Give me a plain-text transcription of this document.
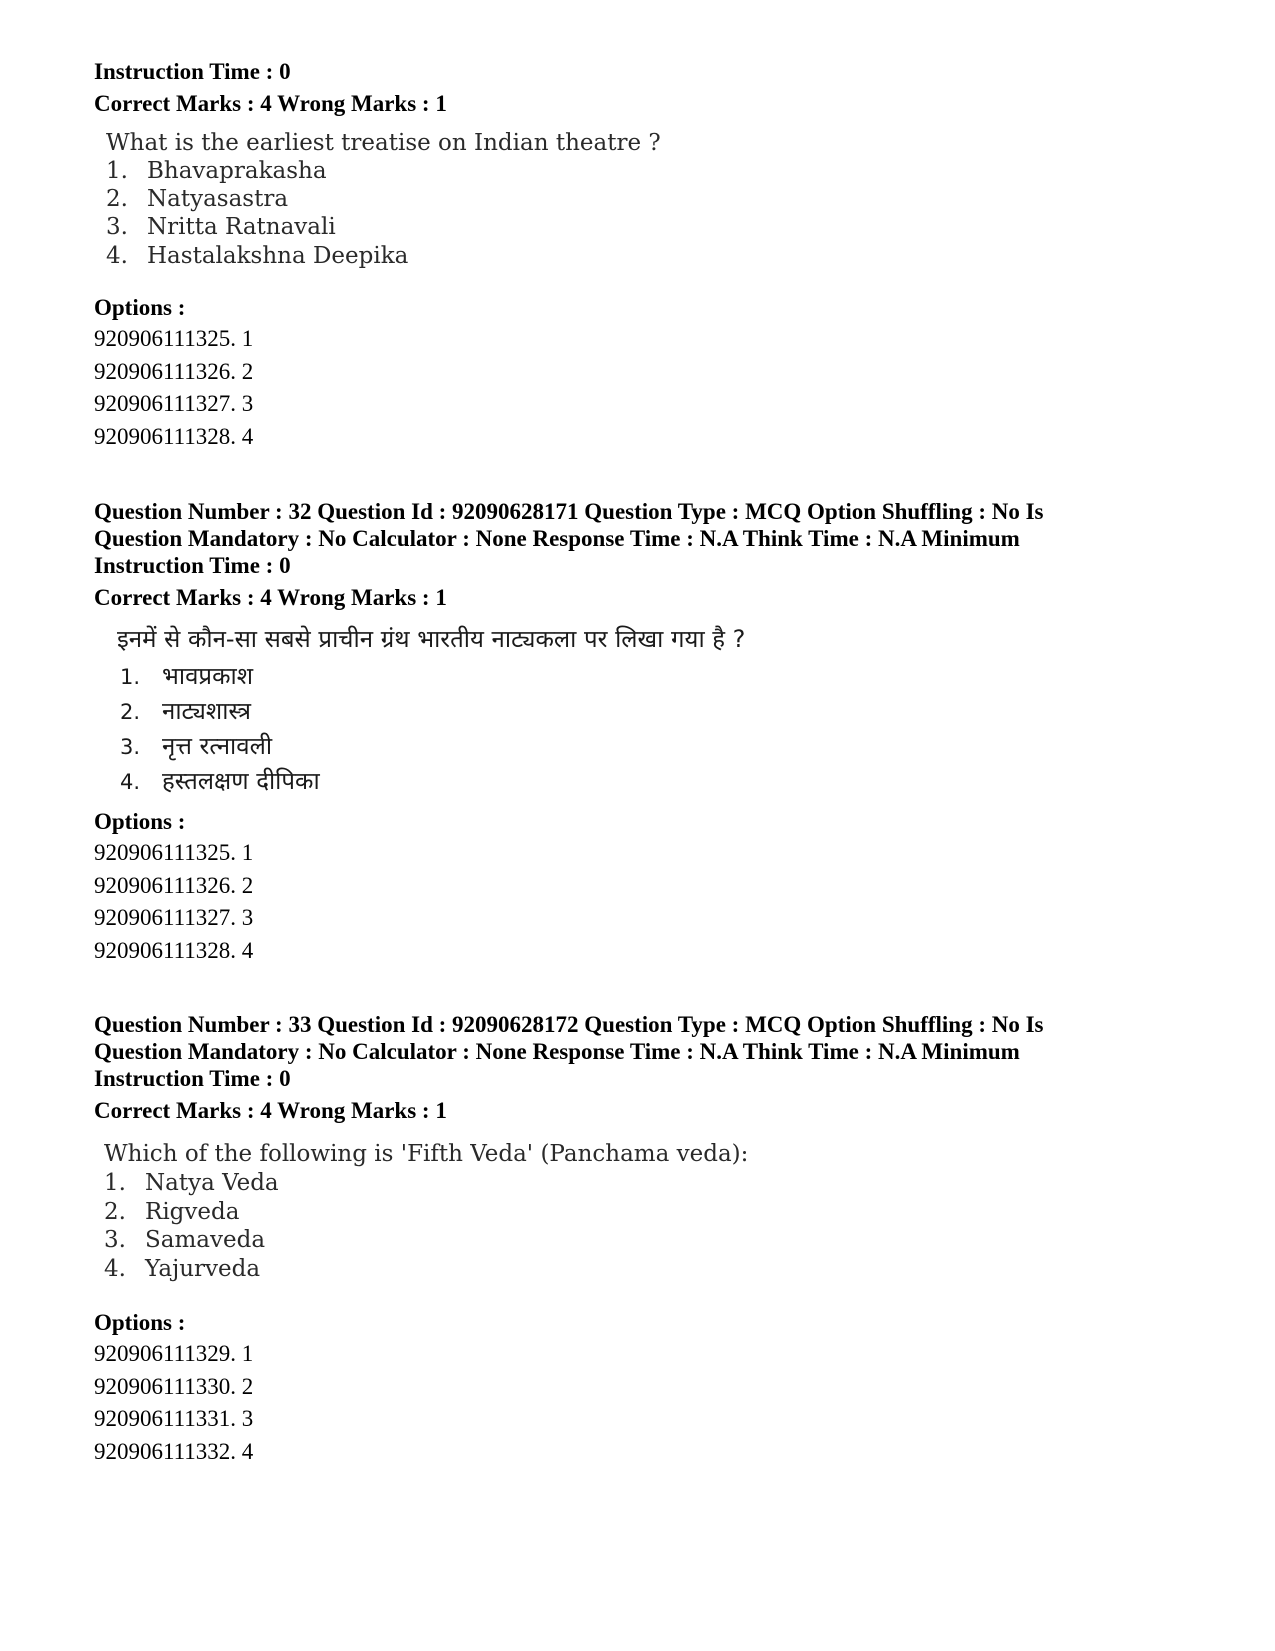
Instruction Time : 0
Correct Marks : 4 Wrong Marks : 1
What is the earliest treatise on Indian theatre ?
1. Bhavaprakasha
2. Natyasastra
3. Nritta Ratnavali
4. Hastalakshna Deepika
Options :
920906111325. 1
920906111326. 2
920906111327. 3
920906111328. 4
Question Number : 32 Question Id : 92090628171 Question Type : MCQ Option Shuffling : No Is
Question Mandatory : No Calculator : None Response Time : N.A Think Time : N.A Minimum
Instruction Time : 0
Correct Marks : 4 Wrong Marks : 1
इनमें से कौन-सा सबसे प्राचीन ग्रंथ भारतीय नाट्यकला पर लिखा गया है ?
1. भावप्रकाश
2. नाट्यशास्त्र
3. नृत्त रत्नावली
4. हस्तलक्षण दीपिका
Options :
920906111325. 1
920906111326. 2
920906111327. 3
920906111328. 4
Question Number : 33 Question Id : 92090628172 Question Type : MCQ Option Shuffling : No Is
Question Mandatory : No Calculator : None Response Time : N.A Think Time : N.A Minimum
Instruction Time : 0
Correct Marks : 4 Wrong Marks : 1
Which of the following is 'Fifth Veda' (Panchama veda):
1. Natya Veda
2. Rigveda
3. Samaveda
4. Yajurveda
Options :
920906111329. 1
920906111330. 2
920906111331. 3
920906111332. 4
